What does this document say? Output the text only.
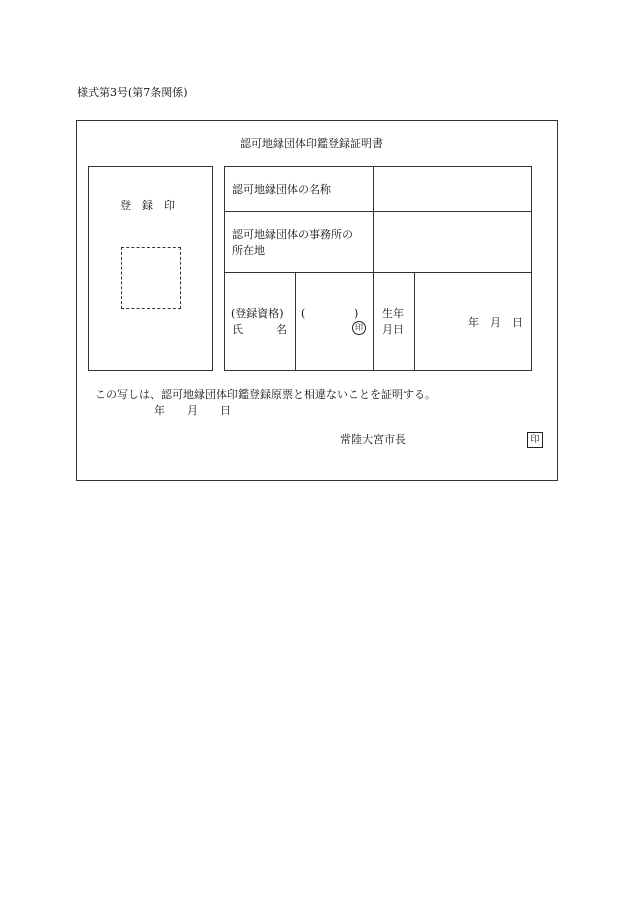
様式第3号(第7条関係)
認可地縁団体印鑑登録証明書
登　録　印
認可地縁団体の名称
認可地縁団体の事務所の
所在地
(登録資格)
氏　　　名
(	)
印
生年
月日
年　月　日
この写しは、認可地縁団体印鑑登録原票と相違ないことを証明する。
年　　月　　日
常陸大宮市長	印
